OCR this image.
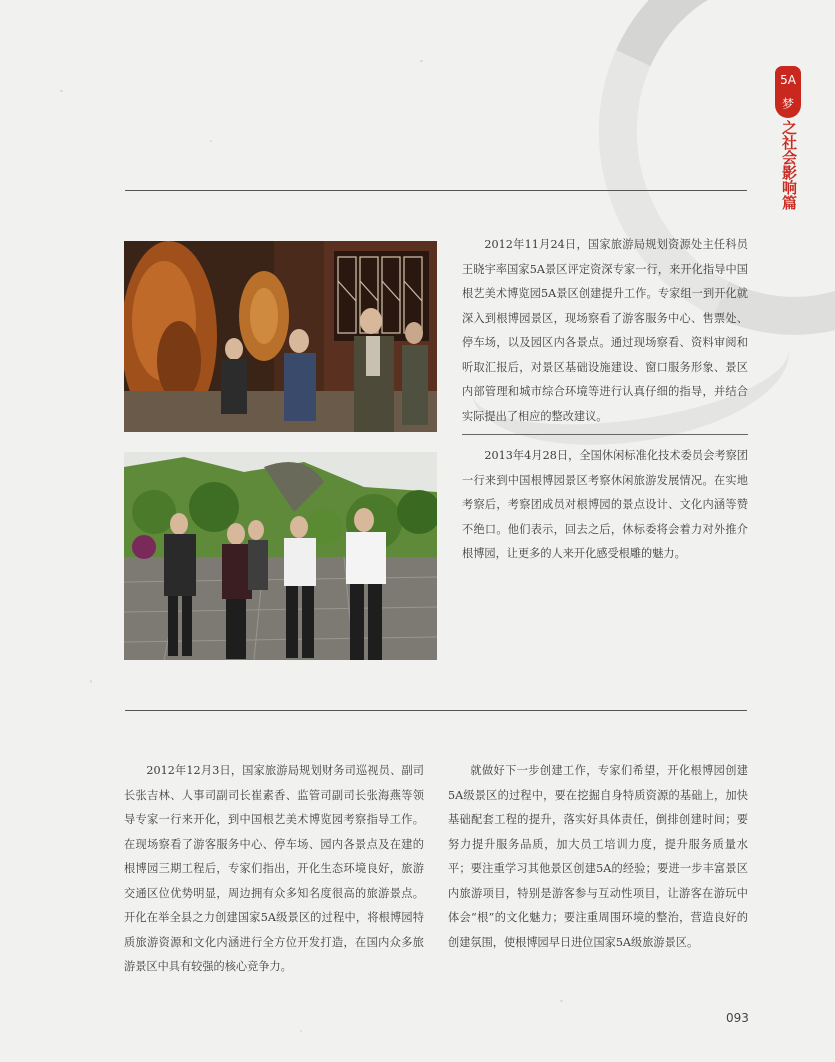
5A
梦
之社会影响篇

2012年11月24日，国家旅游局规划资源处主任科员王晓宇率国家5A景区评定资深专家一行，来开化指导中国根艺美术博览园5A景区创建提升工作。专家组一到开化就深入到根博园景区，现场察看了游客服务中心、售票处、停车场，以及园区内各景点。通过现场察看、资料审阅和听取汇报后，对景区基础设施建设、窗口服务形象、景区内部管理和城市综合环境等进行认真仔细的指导，并结合实际提出了相应的整改建议。

2013年4月28日，全国休闲标准化技术委员会考察团一行来到中国根博园景区考察休闲旅游发展情况。在实地考察后，考察团成员对根博园的景点设计、文化内涵等赞不绝口。他们表示，回去之后，休标委将会着力对外推介根博园，让更多的人来开化感受根雕的魅力。

2012年12月3日，国家旅游局规划财务司巡视员、副司长张吉林、人事司副司长崔素香、监管司副司长张海燕等领导专家一行来开化，到中国根艺美术博览园考察指导工作。在现场察看了游客服务中心、停车场、园内各景点及在建的根博园三期工程后，专家们指出，开化生态环境良好，旅游交通区位优势明显，周边拥有众多知名度很高的旅游景点。开化在举全县之力创建国家5A级景区的过程中，将根博园特质旅游资源和文化内涵进行全方位开发打造，在国内众多旅游景区中具有较强的核心竞争力。

就做好下一步创建工作，专家们希望，开化根博园创建5A级景区的过程中，要在挖掘自身特质资源的基础上，加快基础配套工程的提升，落实好具体责任，倒排创建时间；要努力提升服务品质，加大员工培训力度，提升服务质量水平；要注重学习其他景区创建5A的经验；要进一步丰富景区内旅游项目，特别是游客参与互动性项目，让游客在游玩中体会“根”的文化魅力；要注重周围环境的整治，营造良好的创建氛围，使根博园早日进位国家5A级旅游景区。

093
